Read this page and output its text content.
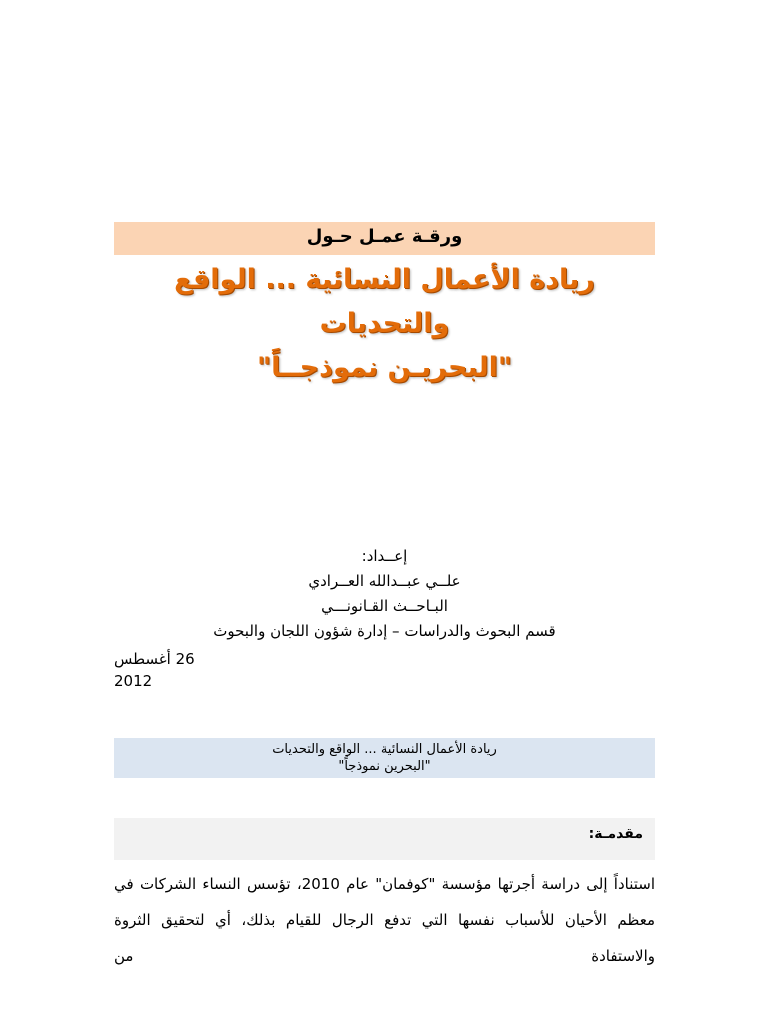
ورقـة عمـل حـول
ريادة الأعمال النسائية ... الواقع والتحديات
"البحريـن نموذجــاً"
إعــداد:
علــي عبــدالله العــرادي
البـاحــث القـانونـــي
قسم البحوث والدراسات – إدارة شؤون اللجان والبحوث
26 أغسطس 2012
ريادة الأعمال النسائية ... الواقع والتحديات
"البحرين نموذجاً"
مقدمـة:
استناداً إلى دراسة أجرتها مؤسسة "كوفمان" عام 2010، تؤسس النساء الشركات في
معظم الأحيان للأسباب نفسها التي تدفع الرجال للقيام بذلك، أي لتحقيق الثروة والاستفادة من
